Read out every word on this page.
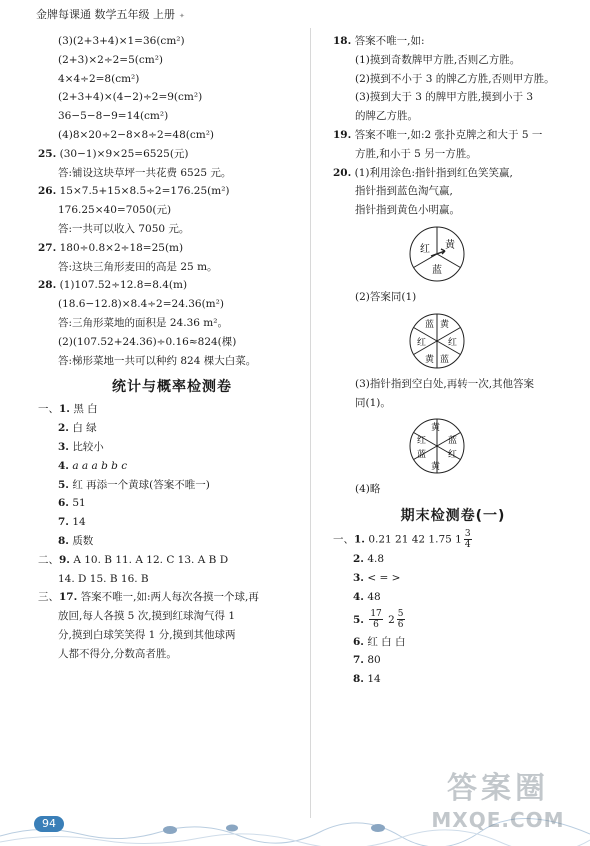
金牌每课通 数学五年级 上册 ✦
(3)(2+3+4)×1=36(cm²)
(2+3)×2÷2=5(cm²)
4×4÷2=8(cm²)
(2+3+4)×(4−2)÷2=9(cm²)
36−5−8−9=14(cm²)
(4)8×20÷2−8×8÷2=48(cm²)
25. (30−1)×9×25=6525(元)
答:铺设这块草坪一共花费 6525 元。
26. 15×7.5+15×8.5÷2=176.25(m²)
176.25×40=7050(元)
答:一共可以收入 7050 元。
27. 180÷0.8×2÷18=25(m)
答:这块三角形麦田的高是 25 m。
28. (1)107.52÷12.8=8.4(m)
(18.6−12.8)×8.4÷2=24.36(m²)
答:三角形菜地的面积是 24.36 m²。
(2)(107.52+24.36)÷0.16≈824(棵)
答:梯形菜地一共可以种约 824 棵大白菜。
统计与概率检测卷
一、1. 黑 白
2. 白 绿
3. 比较小
4. a a a b b c
5. 红 再添一个黄球(答案不唯一)
6. 51
7. 14
8. 质数
二、9. A 10. B 11. A 12. C 13. A B D
14. D 15. B 16. B
三、17. 答案不唯一,如:两人每次各摸一个球,再
放回,每人各摸 5 次,摸到红球淘气得 1
分,摸到白球笑笑得 1 分,摸到其他球两
人都不得分,分数高者胜。
18. 答案不唯一,如:
(1)摸到奇数牌甲方胜,否则乙方胜。
(2)摸到不小于 3 的牌乙方胜,否则甲方胜。
(3)摸到大于 3 的牌甲方胜,摸到小于 3
的牌乙方胜。
19. 答案不唯一,如:2 张扑克牌之和大于 5 一
方胜,和小于 5 另一方胜。
20. (1)利用涂色:指针指到红色笑笑赢,
指针指到蓝色淘气赢,
指针指到黄色小明赢。
红 黄
蓝
(2)答案同(1)
黄
蓝
红 红
黄 蓝
(3)指针指到空白处,再转一次,其他答案
同(1)。
黄
红 蓝
红
蓝
黄
(4)略
期末检测卷(一)
一、1. 0.21 21 42 1.75 $1 \frac{3}{4}$
2. 4.8
3. < = >
4. 48
5. $\frac{17}{6} 2 \frac{5}{6}$
6. 红 白 白
7. 80
8. 14
94
答案圈
MXQE.COM
